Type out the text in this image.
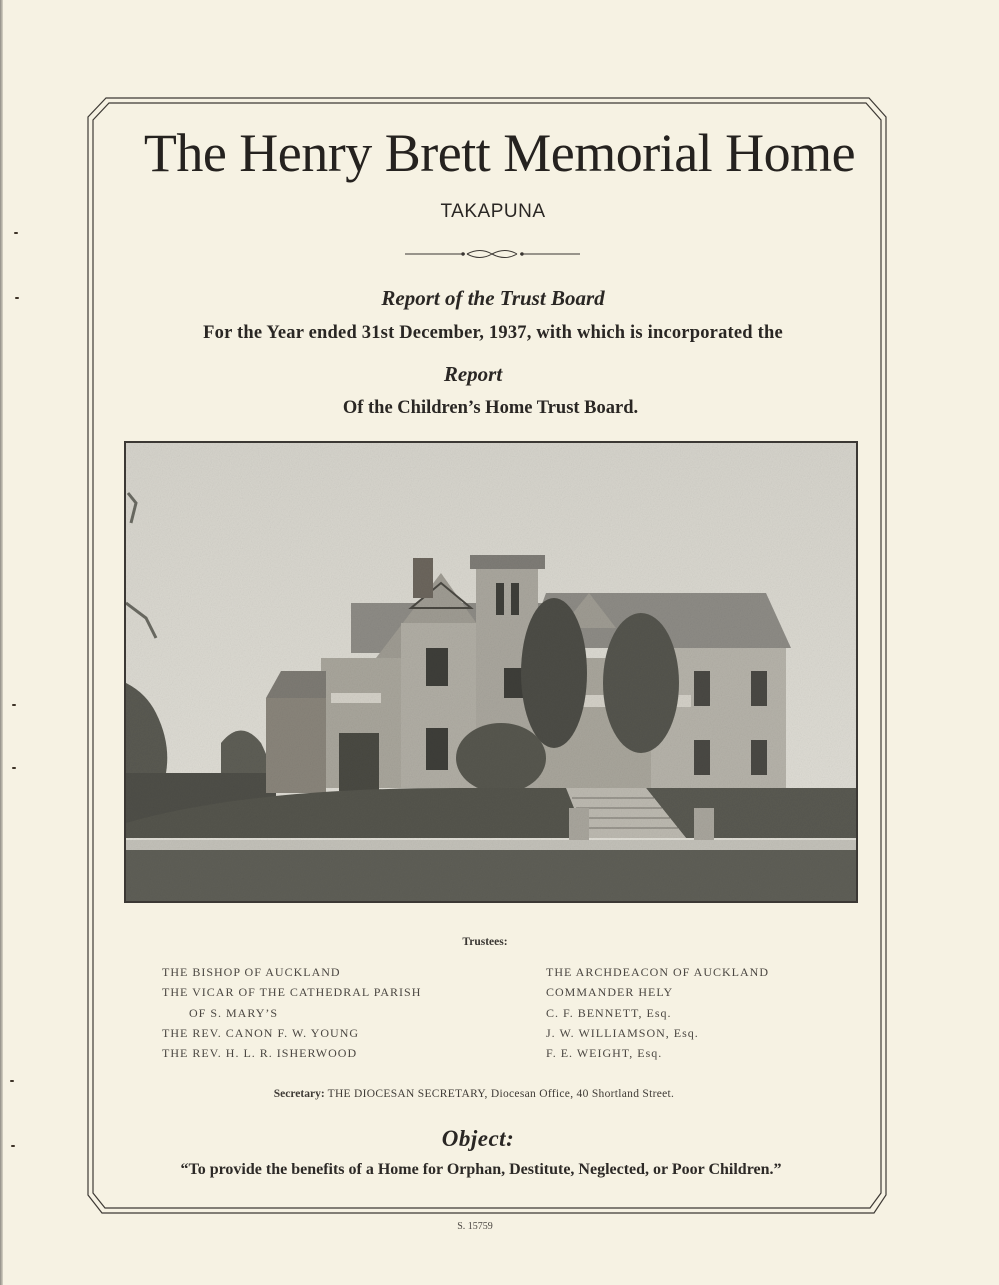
The Henry Brett Memorial Home
TAKAPUNA
Report of the Trust Board
For the Year ended 31st December, 1937, with which is incorporated the
Report
Of the Children’s Home Trust Board.
Trustees:
THE BISHOP OF AUCKLAND
THE VICAR OF THE CATHEDRAL PARISH
OF S. MARY’S
THE REV. CANON F. W. YOUNG
THE REV. H. L. R. ISHERWOOD
THE ARCHDEACON OF AUCKLAND
COMMANDER HELY
C. F. BENNETT, Esq.
J. W. WILLIAMSON, Esq.
F. E. WEIGHT, Esq.
Secretary: THE DIOCESAN SECRETARY, Diocesan Office, 40 Shortland Street.
Object:
“To provide the benefits of a Home for Orphan, Destitute, Neglected, or Poor Children.”
S. 15759
